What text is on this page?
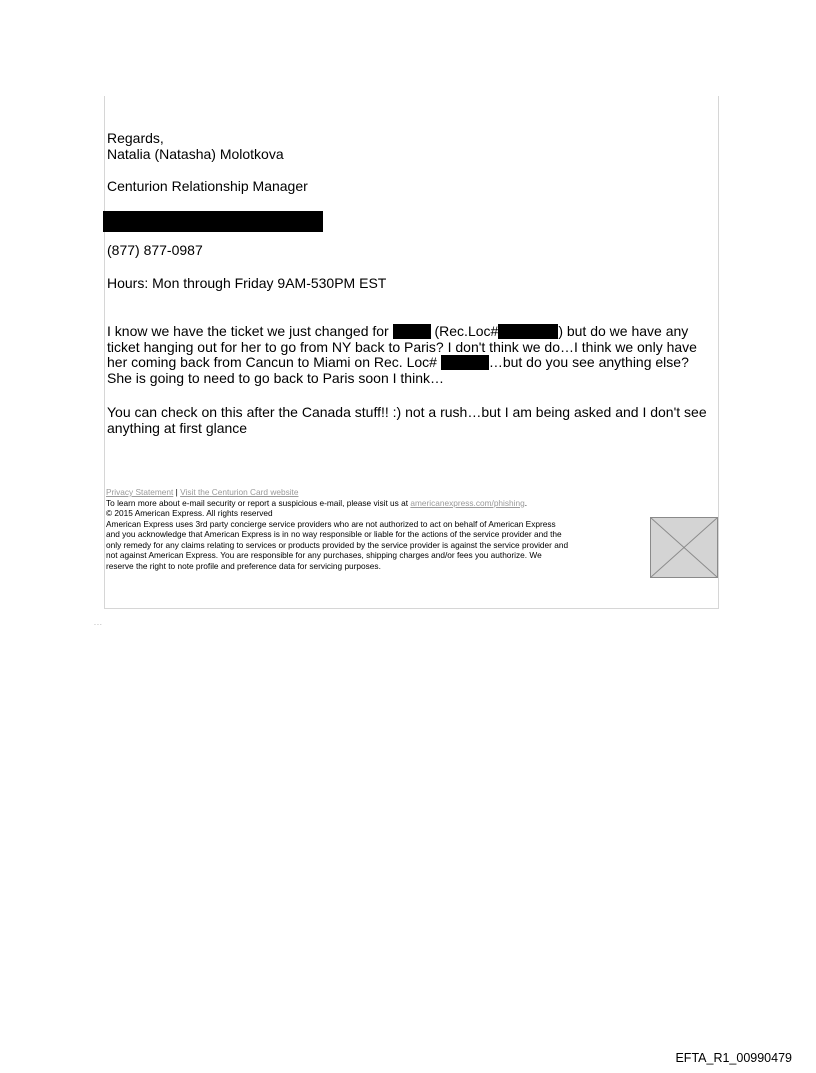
Regards,
Natalia (Natasha) Molotkova
Centurion Relationship Manager
(877) 877-0987
Hours: Mon through Friday 9AM-530PM EST
I know we have the ticket we just changed for	(Rec.Loc#	) but do we have any ticket hanging out for her to go from NY back to Paris? I don't think we do…I think we only have her coming back from Cancun to Miami on Rec. Loc#	…but do you see anything else? She is going to need to go back to Paris soon I think…
You can check on this after the Canada stuff!! :) not a rush…but I am being asked and I don't see anything at first glance
Privacy Statement | Visit the Centurion Card website
To learn more about e-mail security or report a suspicious e-mail, please visit us at americanexpress.com/phishing.
© 2015 American Express. All rights reserved
American Express uses 3rd party concierge service providers who are not authorized to act on behalf of American Express
and you acknowledge that American Express is in no way responsible or liable for the actions of the service provider and the
only remedy for any claims relating to services or products provided by the service provider is against the service provider and
not against American Express. You are responsible for any purchases, shipping charges and/or fees you authorize. We
reserve the right to note profile and preference data for servicing purposes.
...
EFTA_R1_00990479
